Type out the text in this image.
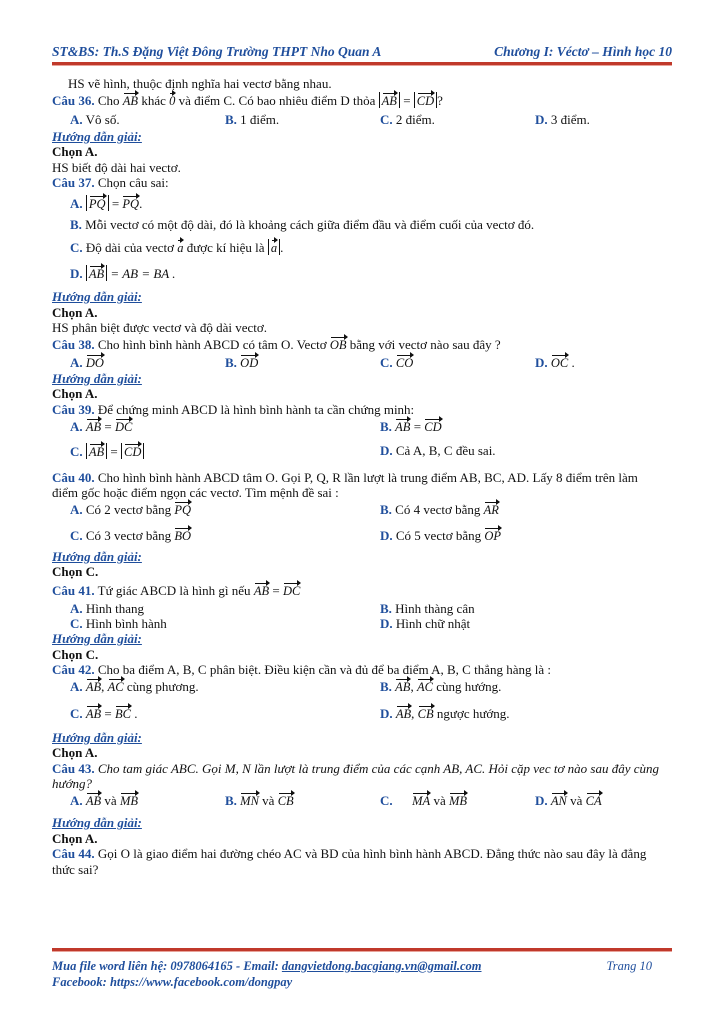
ST&BS: Th.S Đặng Việt Đông Trường THPT Nho Quan A	Chương I: Véctơ – Hình học 10

HS vẽ hình, thuộc định nghĩa hai vectơ bằng nhau.

Câu 36. Cho AB khác 0 và điểm C. Có bao nhiêu điểm D thỏa AB = CD ?

A. Vô số.	B. 1 điểm.	C. 2 điểm.	D. 3 điểm.

Hướng dẫn giải:

Chọn A.

HS biết độ dài hai vectơ.

Câu 37. Chọn câu sai:

A. PQ = PQ.
B. Mỗi vectơ có một độ dài, đó là khoảng cách giữa điểm đầu và điểm cuối của vectơ đó.
C. Độ dài của vectơ a được kí hiệu là a .
D. AB = AB = BA .

Hướng dẫn giải:

Chọn A.

HS phân biệt được vectơ và độ dài vectơ.

Câu 38. Cho hình bình hành ABCD có tâm O. Vectơ OB bằng với vectơ nào sau đây ?

A. DO	B. OD	C. CO	D. OC .

Hướng dẫn giải:

Chọn A.

Câu 39. Để chứng minh ABCD là hình bình hành ta cần chứng minh:

A. AB = DC	B. AB = CD
C. AB = CD	D. Cả A, B, C đều sai.

Câu 40. Cho hình bình hành ABCD tâm O. Gọi P, Q, R lần lượt là trung điểm AB, BC, AD. Lấy 8 điểm trên làm điểm gốc hoặc điểm ngọn các vectơ. Tìm mệnh đề sai :

A. Có 2 vectơ bằng PQ	B. Có 4 vectơ bằng AR
C. Có 3 vectơ bằng BO	D. Có 5 vectơ bằng OP

Hướng dẫn giải:

Chọn C.

Câu 41. Tứ giác ABCD là hình gì nếu AB = DC

A. Hình thang	B. Hình thàng cân
C. Hình bình hành	D. Hình chữ nhật

Hướng dẫn giải:

Chọn C.

Câu 42. Cho ba điểm A, B, C phân biệt. Điều kiện cần và đủ để ba điểm A, B, C thẳng hàng là :

A. AB, AC cùng phương.	B. AB, AC cùng hướng.
C. AB = BC .	D. AB, CB ngược hướng.

Hướng dẫn giải:

Chọn A.

Câu 43. Cho tam giác ABC. Gọi M, N lần lượt là trung điểm của các cạnh AB, AC. Hỏi cặp vec tơ nào sau đây cùng hướng?

A. AB và MB	B. MN và CB	C. MA và MB	D. AN và CA

Hướng dẫn giải:

Chọn A.

Câu 44. Gọi O là giao điểm hai đường chéo AC và BD của hình bình hành ABCD. Đẳng thức nào sau đây là đẳng thức sai?

Mua file word liên hệ: 0978064165 - Email: dangvietdong.bacgiang.vn@gmail.com	Trang 10
Facebook: https://www.facebook.com/dongpay
